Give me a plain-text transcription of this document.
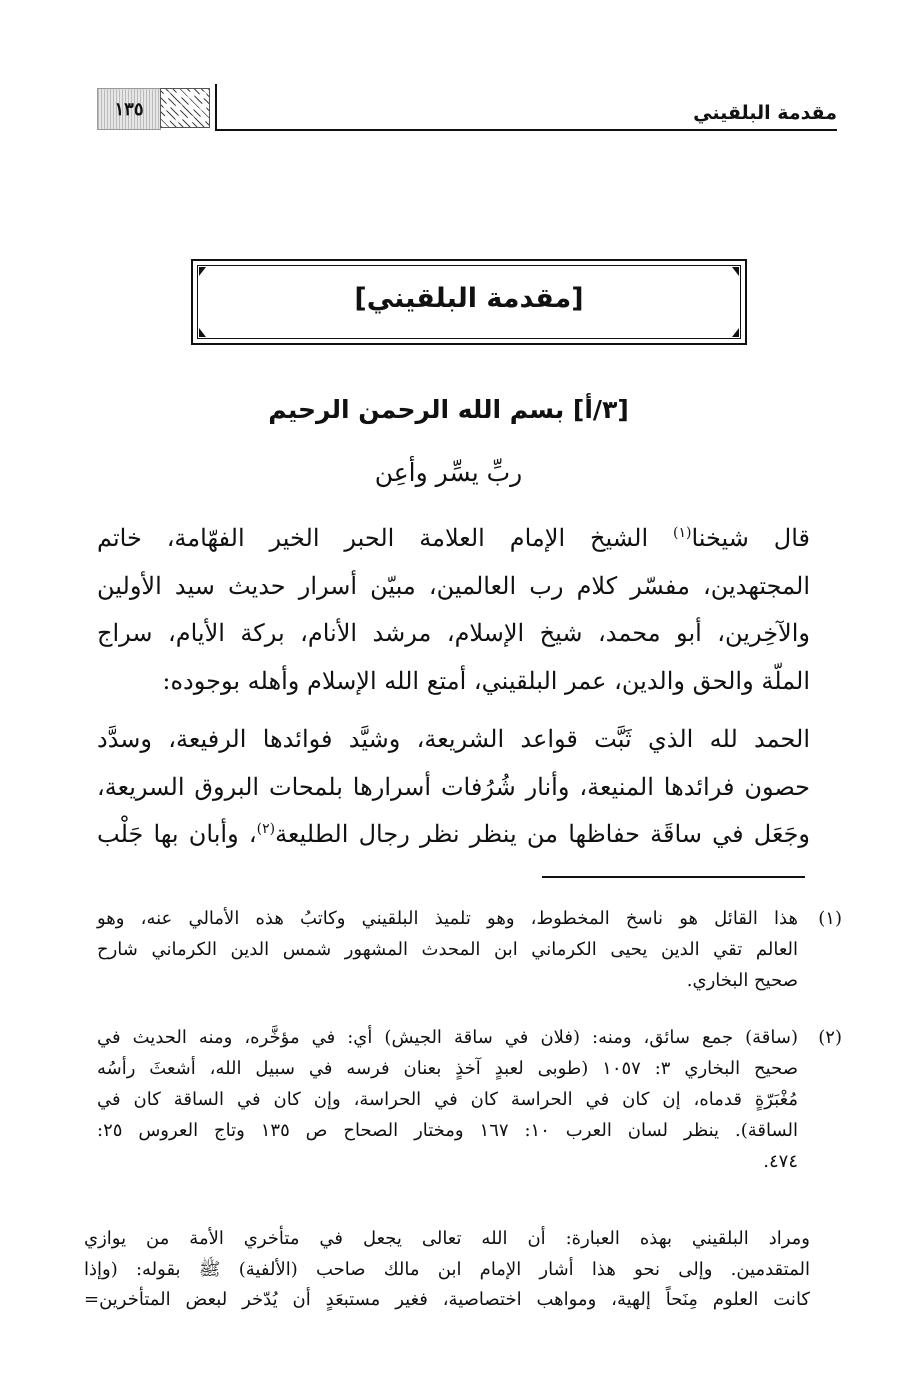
١٣٥	مقدمة البلقيني
[مقدمة البلقيني]
[٣/أ] بسم الله الرحمن الرحيم
ربِّ يسِّر وأعِن
قال شيخنا$^{(١)}$ الشيخ الإمام العلامة الحبر الخير الفهّامة، خاتم
المجتهدين، مفسّر كلام رب العالمين، مبيّن أسرار حديث سيد الأولين
والآخِرين، أبو محمد، شيخ الإسلام، مرشد الأنام، بركة الأيام، سراج
الملّة والحق والدين، عمر البلقيني، أمتع الله الإسلام وأهله بوجوده:
الحمد لله الذي ثَبَّت قواعد الشريعة، وشيَّد فوائدها الرفيعة، وسدَّد
حصون فرائدها المنيعة، وأنار شُرُفات أسرارها بلمحات البروق السريعة،
وجَعَل في ساقَة حفاظها من ينظر نظر رجال الطليعة$^{(٢)}$، وأبان بها جَلْب
(١)
هذا القائل هو ناسخ المخطوط، وهو تلميذ البلقيني وكاتبُ هذه الأمالي عنه، وهو
العالم تقي الدين يحيى الكرماني ابن المحدث المشهور شمس الدين الكرماني شارح
صحيح البخاري.
(٢)
(ساقة) جمع سائق، ومنه: (فلان في ساقة الجيش) أي: في مؤخَّره، ومنه الحديث في
صحيح البخاري ٣: ١٠٥٧ (طوبى لعبدٍ آخذٍ بعنان فرسه في سبيل الله، أشعثَ رأسُه
مُغْبَرّةٍ قدماه، إن كان في الحراسة كان في الحراسة، وإن كان في الساقة كان في
الساقة). ينظر لسان العرب ١٠: ١٦٧ ومختار الصحاح ص ١٣٥ وتاج العروس ٢٥:
٤٧٤.
ومراد البلقيني بهذه العبارة: أن الله تعالى يجعل في متأخري الأمة من يوازي
المتقدمين. وإلى نحو هذا أشار الإمام ابن مالك صاحب (الألفية) ﷺ بقوله: (وإذا
كانت العلوم مِنَحاً إلهية، ومواهب اختصاصية، فغير مستبعَدٍ أن يُدّخر لبعض المتأخرين=
